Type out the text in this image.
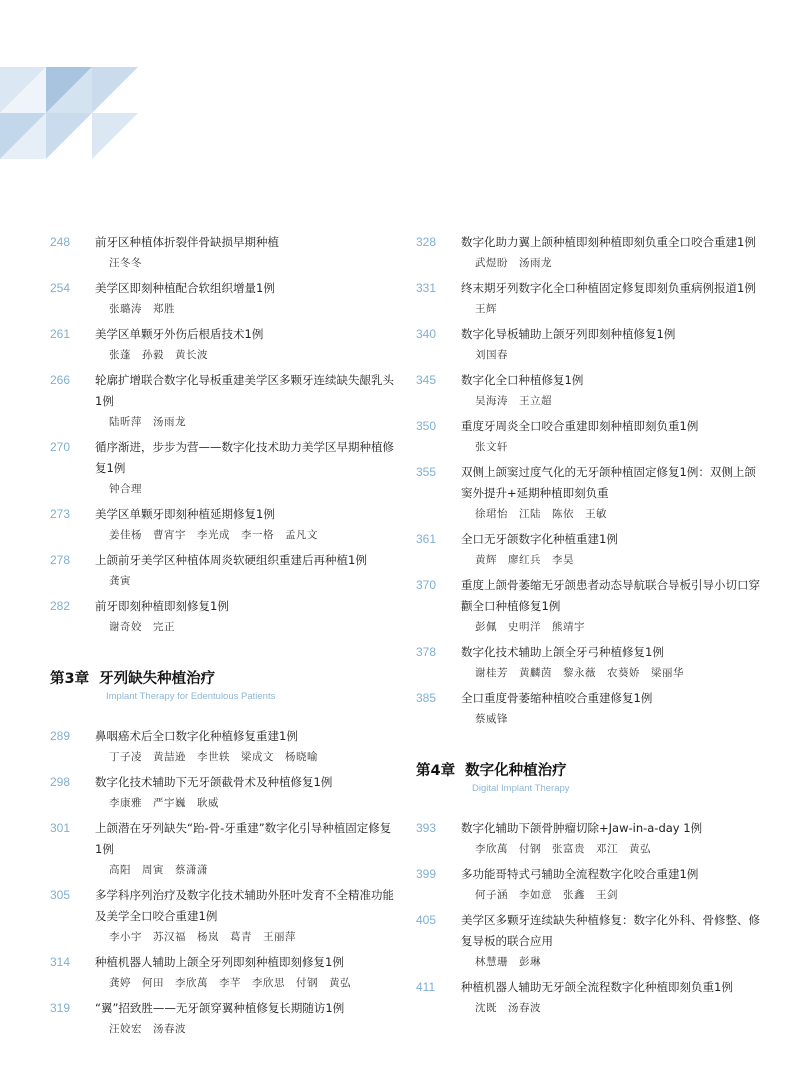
248 前牙区种植体折裂伴骨缺损早期种植
汪冬冬
254 美学区即刻种植配合软组织增量1例
张璐涛　郑胜
261 美学区单颗牙外伤后根盾技术1例
张蓬　孙毅　黄长波
266 轮廓扩增联合数字化导板重建美学区多颗牙连续缺失龈乳头1例
陆昕萍　汤雨龙
270 循序渐进，步步为营——数字化技术助力美学区早期种植修复1例
钟合理
273 美学区单颗牙即刻种植延期修复1例
姜佳杨　曹宵宇　李光成　李一格　孟凡文
278 上颌前牙美学区种植体周炎软硬组织重建后再种植1例
龚寅
282 前牙即刻种植即刻修复1例
谢奇姣　完正
第3章 牙列缺失种植治疗
Implant Therapy for Edentulous Patients
289 鼻咽癌术后全口数字化种植修复重建1例
丁子凌　黄喆逊　李世轶　梁成文　杨晓喻
298 数字化技术辅助下无牙颌截骨术及种植修复1例
李康雅　严宇巍　耿威
301 上颌潜在牙列缺失“跆-骨-牙重建”数字化引导种植固定修复1例
高阳　周寅　蔡潇潇
305 多学科序列治疗及数字化技术辅助外胚叶发育不全精准功能及美学全口咬合重建1例
李小宇　苏汉福　杨岚　葛青　王丽萍
314 种植机器人辅助上颌全牙列即刻种植即刻修复1例
龚婷　何田　李欣萬　李芊　李欣思　付钢　黄弘
319 “翼”招致胜——无牙颌穿翼种植修复长期随访1例
汪姣宏　汤春波
328 数字化助力翼上颌种植即刻种植即刻负重全口咬合重建1例
武煜盼　汤雨龙
331 终末期牙列数字化全口种植固定修复即刻负重病例报道1例
王辉
340 数字化导板辅助上颌牙列即刻种植修复1例
刘国春
345 数字化全口种植修复1例
吴海涛　王立超
350 重度牙周炎全口咬合重建即刻种植即刻负重1例
张文轩
355 双侧上颌窦过度气化的无牙颌种植固定修复1例：双侧上颌窦外提升+延期种植即刻负重
徐珺怡　江陆　陈依　王敏
361 全口无牙颌数字化种植重建1例
黄辉　廖红兵　李昊
370 重度上颌骨萎缩无牙颌患者动态导航联合导板引导小切口穿颧全口种植修复1例
彭佩　史明洋　熊靖宇
378 数字化技术辅助上颌全牙弓种植修复1例
谢桂芳　黄麟茵　黎永薇　农葵娇　梁丽华
385 全口重度骨萎缩种植咬合重建修复1例
蔡威锋
第4章 数字化种植治疗
Digital Implant Therapy
393 数字化辅助下颌骨肿瘤切除+Jaw-in-a-day 1例
李欣萬　付钢　张富贵　邓江　黄弘
399 多功能哥特式弓辅助全流程数字化咬合重建1例
何子涵　李如意　张鑫　王剑
405 美学区多颗牙连续缺失种植修复：数字化外科、骨修整、修复导板的联合应用
林慧珊　彭琳
411 种植机器人辅助无牙颌全流程数字化种植即刻负重1例
沈既　汤春波
